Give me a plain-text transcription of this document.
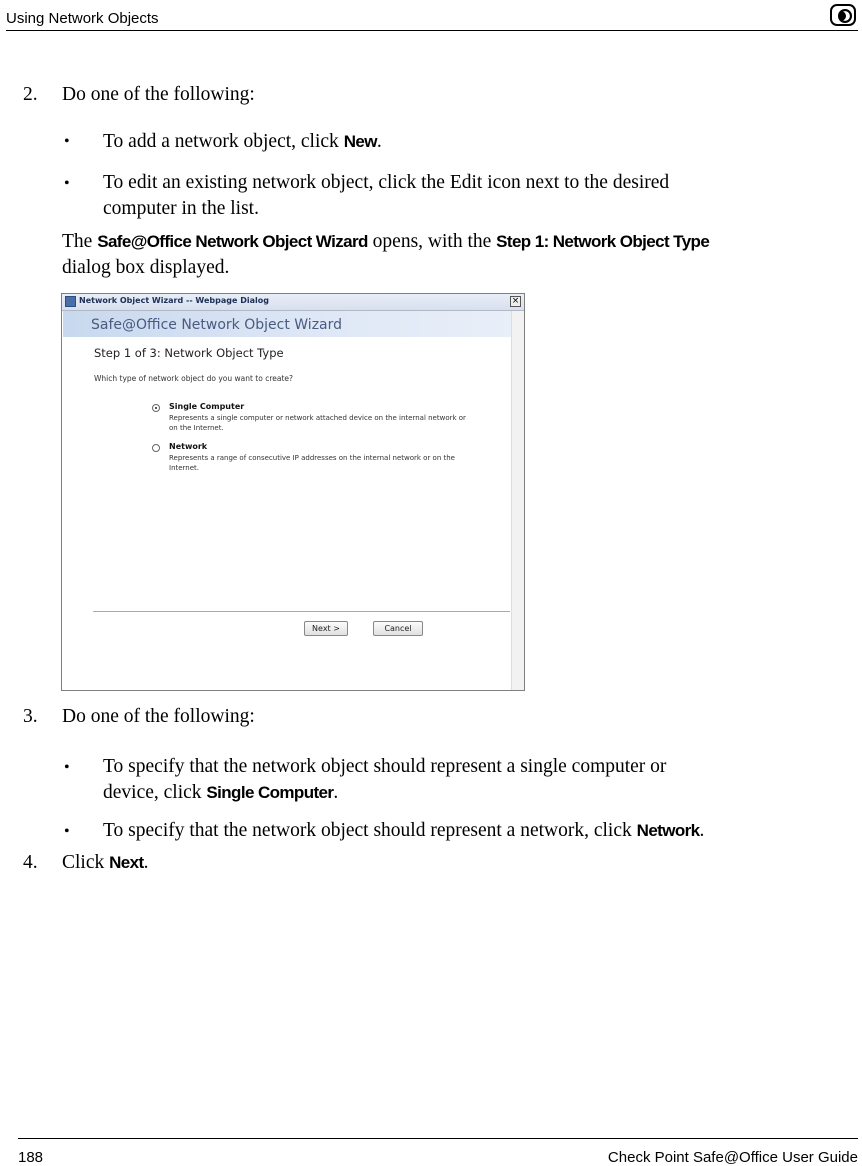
Using Network Objects
2. Do one of the following:
• To add a network object, click New.
• To edit an existing network object, click the Edit icon next to the desired
computer in the list.
The Safe@Office Network Object Wizard opens, with the Step 1: Network Object Type
dialog box displayed.
Network Object Wizard -- Webpage Dialog	×
Safe@Office Network Object Wizard
Step 1 of 3: Network Object Type
Which type of network object do you want to create?
Single Computer
Represents a single computer or network attached device on the internal network or on the Internet.
Network
Represents a range of consecutive IP addresses on the internal network or on the Internet.
Next >	Cancel
3. Do one of the following:
• To specify that the network object should represent a single computer or
device, click Single Computer.
• To specify that the network object should represent a network, click Network.
4. Click Next.
188	Check Point Safe@Office User Guide
